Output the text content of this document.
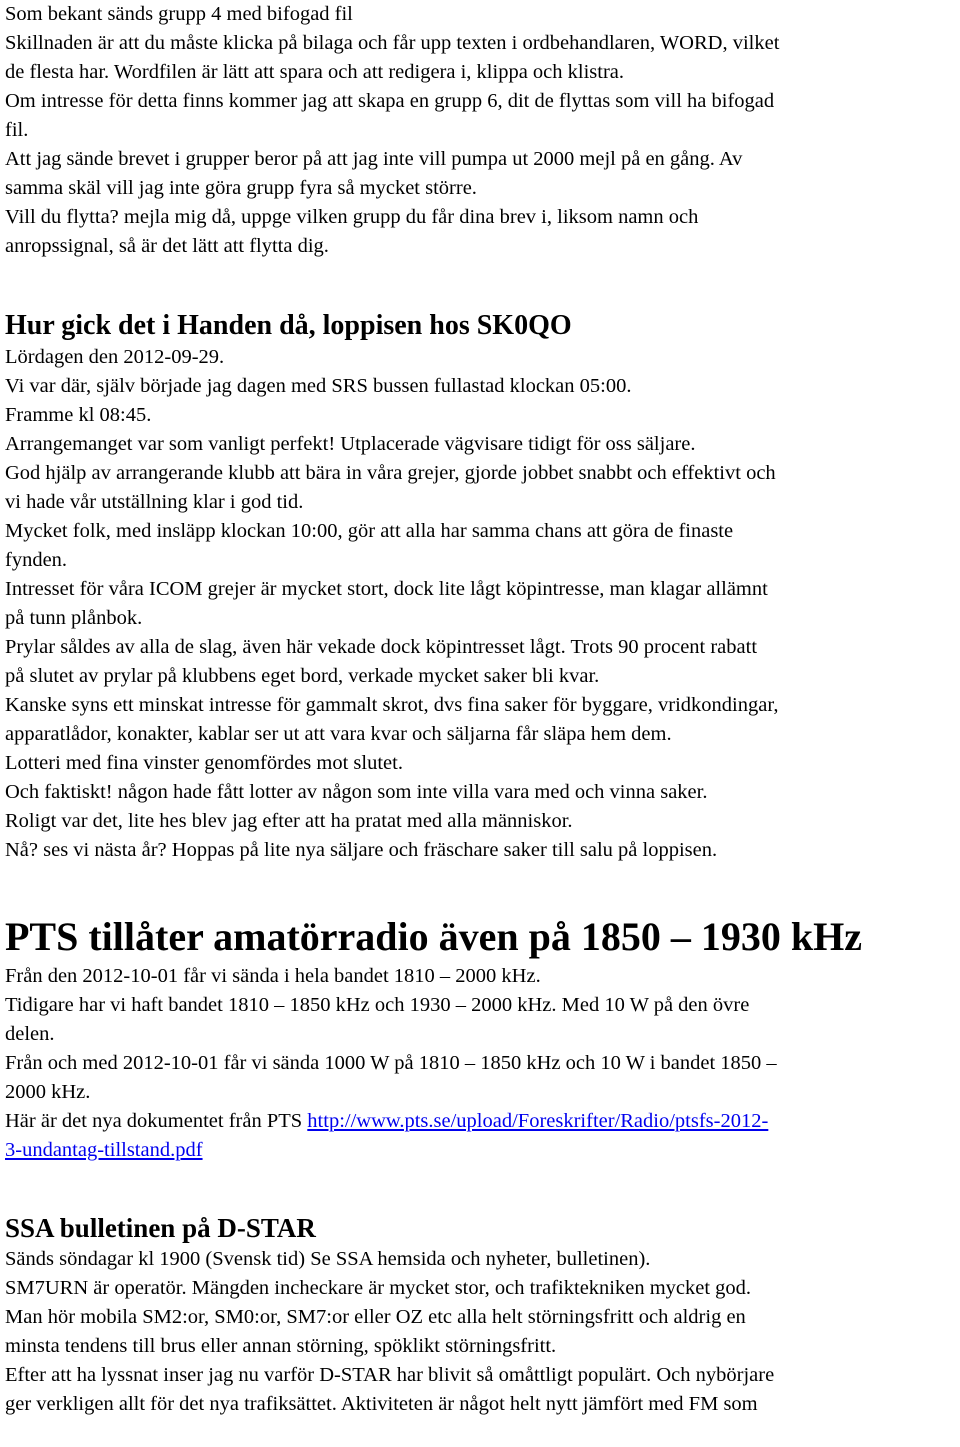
Som bekant sänds grupp 4 med bifogad fil
Skillnaden är att du måste klicka på bilaga och får upp texten i ordbehandlaren, WORD, vilket
de flesta har. Wordfilen är lätt att spara och att redigera i, klippa och klistra.
Om intresse för detta finns kommer jag att skapa en grupp 6, dit de flyttas som vill ha bifogad
fil.
Att jag sände brevet i grupper beror på att jag inte vill pumpa ut 2000 mejl på en gång. Av
samma skäl vill jag inte göra grupp fyra så mycket större.
Vill du flytta? mejla mig då, uppge vilken grupp du får dina brev i, liksom namn och
anropssignal, så är det lätt att flytta dig.
Hur gick det i Handen då, loppisen hos SK0QO
Lördagen den 2012-09-29.
Vi var där, själv började jag dagen med SRS bussen fullastad klockan 05:00.
Framme kl 08:45.
Arrangemanget var som vanligt perfekt! Utplacerade vägvisare tidigt för oss säljare.
God hjälp av arrangerande klubb att bära in våra grejer, gjorde jobbet snabbt och effektivt och
vi hade vår utställning klar i god tid.
Mycket folk, med insläpp klockan 10:00, gör att alla har samma chans att göra de finaste
fynden.
Intresset för våra ICOM grejer är mycket stort, dock lite lågt köpintresse, man klagar allämnt
på tunn plånbok.
Prylar såldes av alla de slag, även här vekade dock köpintresset lågt. Trots 90 procent rabatt
på slutet av prylar på klubbens eget bord, verkade mycket saker bli kvar.
Kanske syns ett minskat intresse för gammalt skrot, dvs fina saker för byggare, vridkondingar,
apparatlådor, konakter, kablar ser ut att vara kvar och säljarna får släpa hem dem.
Lotteri med fina vinster genomfördes mot slutet.
Och faktiskt! någon hade fått lotter av någon som inte villa vara med och vinna saker.
Roligt var det, lite hes blev jag efter att ha pratat med alla människor.
Nå? ses vi nästa år? Hoppas på lite nya säljare och fräschare saker till salu på loppisen.
PTS tillåter amatörradio även på 1850 – 1930 kHz
Från den 2012-10-01 får vi sända i hela bandet 1810 – 2000 kHz.
Tidigare har vi haft bandet 1810 – 1850 kHz och 1930 – 2000 kHz. Med 10 W på den övre
delen.
Från och med 2012-10-01 får vi sända 1000 W på 1810 – 1850 kHz och 10 W i bandet 1850 –
2000 kHz.
Här är det nya dokumentet från PTS http://www.pts.se/upload/Foreskrifter/Radio/ptsfs-2012-
3-undantag-tillstand.pdf
SSA bulletinen på D-STAR
Sänds söndagar kl 1900 (Svensk tid) Se SSA hemsida och nyheter, bulletinen).
SM7URN är operatör. Mängden incheckare är mycket stor, och trafiktekniken mycket god.
Man hör mobila SM2:or, SM0:or, SM7:or eller OZ etc alla helt störningsfritt och aldrig en
minsta tendens till brus eller annan störning, spöklikt störningsfritt.
Efter att ha lyssnat inser jag nu varför D-STAR har blivit så omåttligt populärt. Och nybörjare
ger verkligen allt för det nya trafiksättet. Aktiviteten är något helt nytt jämfört med FM som
